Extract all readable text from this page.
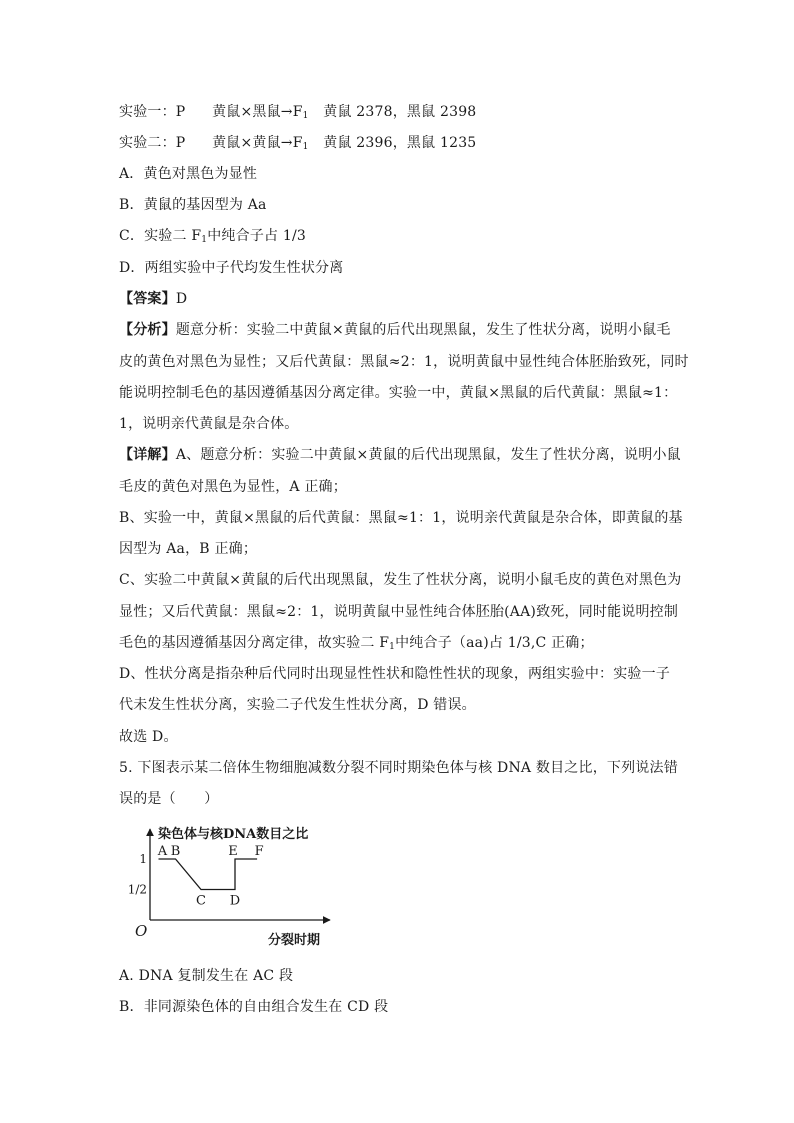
实验一：P 黄鼠×黑鼠$\to F_1$ 黄鼠 2378，黑鼠 2398
实验二：P 黄鼠×黄鼠$\to F_1$ 黄鼠 2396，黑鼠 1235
A．黄色对黑色为显性
B．黄鼠的基因型为 Aa
C．实验二 $F_1$中纯合子占 1/3
D．两组实验中子代均发生性状分离
【答案】D
【分析】题意分析：实验二中黄鼠×黄鼠的后代出现黑鼠，发生了性状分离，说明小鼠毛
皮的黄色对黑色为显性；又后代黄鼠：黑鼠≈2：1，说明黄鼠中显性纯合体胚胎致死，同时
能说明控制毛色的基因遵循基因分离定律。实验一中，黄鼠×黑鼠的后代黄鼠：黑鼠≈1：
1，说明亲代黄鼠是杂合体。
【详解】A、题意分析：实验二中黄鼠×黄鼠的后代出现黑鼠，发生了性状分离，说明小鼠
毛皮的黄色对黑色为显性，A 正确；
B、实验一中，黄鼠×黑鼠的后代黄鼠：黑鼠≈1：1，说明亲代黄鼠是杂合体，即黄鼠的基
因型为 Aa，B 正确；
C、实验二中黄鼠×黄鼠的后代出现黑鼠，发生了性状分离，说明小鼠毛皮的黄色对黑色为
显性；又后代黄鼠：黑鼠≈2：1，说明黄鼠中显性纯合体胚胎(AA)致死，同时能说明控制
毛色的基因遵循基因分离定律，故实验二 $F_1$中纯合子（aa)占 1/3,C 正确；
D、性状分离是指杂种后代同时出现显性性状和隐性性状的现象，两组实验中：实验一子
代未发生性状分离，实验二子代发生性状分离，D 错误。
故选 D。
5. 下图表示某二倍体生物细胞减数分裂不同时期染色体与核 DNA 数目之比，下列说法错
误的是（　　）
染色体与核DNA数目之比
分裂时期
O
1
1/2
A B
C D
E F
A. DNA 复制发生在 AC 段
B．非同源染色体的自由组合发生在 CD 段
